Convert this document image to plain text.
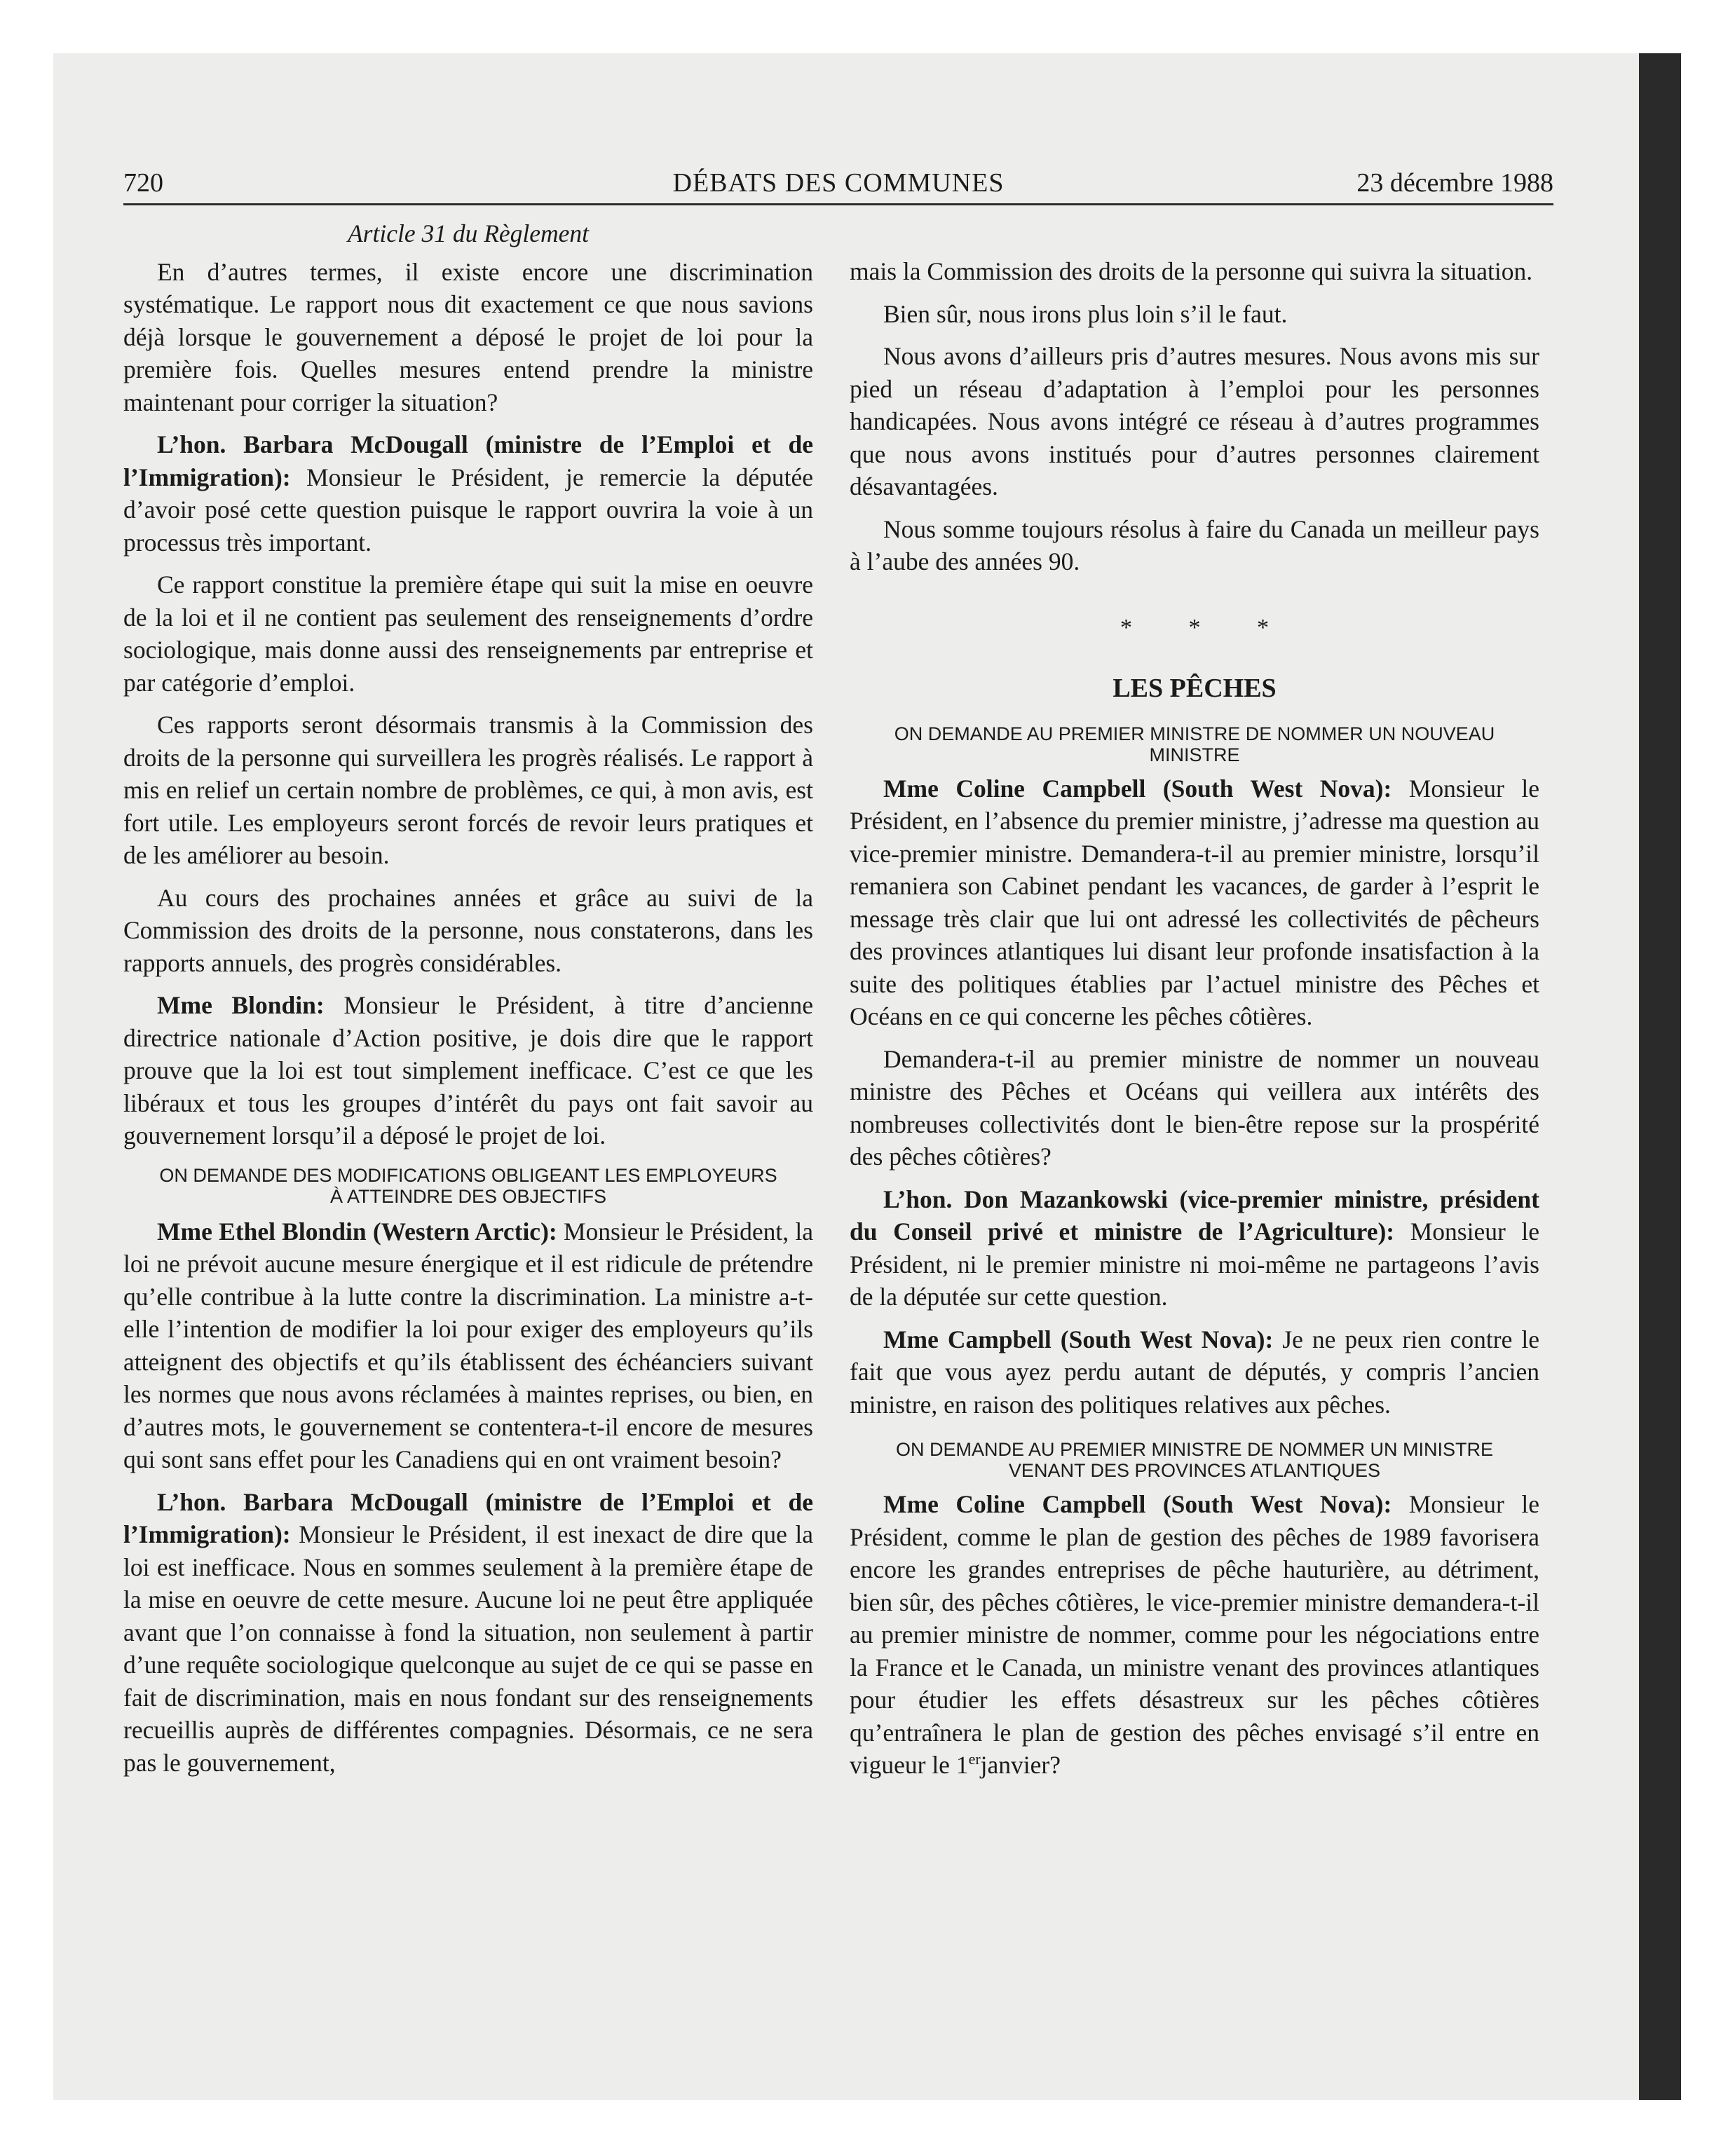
720	DÉBATS DES COMMUNES	23 décembre 1988
Article 31 du Règlement

En d’autres termes, il existe encore une discrimination systématique. Le rapport nous dit exactement ce que nous savions déjà lorsque le gouvernement a déposé le projet de loi pour la première fois. Quelles mesures entend prendre la ministre maintenant pour corriger la situation?

L’hon. Barbara McDougall (ministre de l’Emploi et de l’Immigration): Monsieur le Président, je remercie la députée d’avoir posé cette question puisque le rapport ouvrira la voie à un processus très important.

Ce rapport constitue la première étape qui suit la mise en oeuvre de la loi et il ne contient pas seulement des renseignements d’ordre sociologique, mais donne aussi des renseignements par entreprise et par catégorie d’emploi.

Ces rapports seront désormais transmis à la Commission des droits de la personne qui surveillera les progrès réalisés. Le rapport à mis en relief un certain nombre de problèmes, ce qui, à mon avis, est fort utile. Les employeurs seront forcés de revoir leurs pratiques et de les améliorer au besoin.

Au cours des prochaines années et grâce au suivi de la Commission des droits de la personne, nous constaterons, dans les rapports annuels, des progrès considérables.

Mme Blondin: Monsieur le Président, à titre d’ancienne directrice nationale d’Action positive, je dois dire que le rapport prouve que la loi est tout simplement inefficace. C’est ce que les libéraux et tous les groupes d’intérêt du pays ont fait savoir au gouvernement lorsqu’il a déposé le projet de loi.

ON DEMANDE DES MODIFICATIONS OBLIGEANT LES EMPLOYEURS À ATTEINDRE DES OBJECTIFS

Mme Ethel Blondin (Western Arctic): Monsieur le Président, la loi ne prévoit aucune mesure énergique et il est ridicule de prétendre qu’elle contribue à la lutte contre la discrimination. La ministre a-t-elle l’intention de modifier la loi pour exiger des employeurs qu’ils atteignent des objectifs et qu’ils établissent des échéanciers suivant les normes que nous avons réclamées à maintes reprises, ou bien, en d’autres mots, le gouvernement se contentera-t-il encore de mesures qui sont sans effet pour les Canadiens qui en ont vraiment besoin?

L’hon. Barbara McDougall (ministre de l’Emploi et de l’Immigration): Monsieur le Président, il est inexact de dire que la loi est inefficace. Nous en sommes seulement à la première étape de la mise en oeuvre de cette mesure. Aucune loi ne peut être appliquée avant que l’on connaisse à fond la situation, non seulement à partir d’une requête sociologique quelconque au sujet de ce qui se passe en fait de discrimination, mais en nous fondant sur des renseignements recueillis auprès de différentes compagnies. Désormais, ce ne sera pas le gouvernement,

mais la Commission des droits de la personne qui suivra la situation.

Bien sûr, nous irons plus loin s’il le faut.

Nous avons d’ailleurs pris d’autres mesures. Nous avons mis sur pied un réseau d’adaptation à l’emploi pour les personnes handicapées. Nous avons intégré ce réseau à d’autres programmes que nous avons institués pour d’autres personnes clairement désavantagées.

Nous somme toujours résolus à faire du Canada un meilleur pays à l’aube des années 90.

* * *
LES PÊCHES
ON DEMANDE AU PREMIER MINISTRE DE NOMMER UN NOUVEAU MINISTRE

Mme Coline Campbell (South West Nova): Monsieur le Président, en l’absence du premier ministre, j’adresse ma question au vice-premier ministre. Demandera-t-il au premier ministre, lorsqu’il remaniera son Cabinet pendant les vacances, de garder à l’esprit le message très clair que lui ont adressé les collectivités de pêcheurs des provinces atlantiques lui disant leur profonde insatisfaction à la suite des politiques établies par l’actuel ministre des Pêches et Océans en ce qui concerne les pêches côtières.

Demandera-t-il au premier ministre de nommer un nouveau ministre des Pêches et Océans qui veillera aux intérêts des nombreuses collectivités dont le bien-être repose sur la prospérité des pêches côtières?

L’hon. Don Mazankowski (vice-premier ministre, président du Conseil privé et ministre de l’Agriculture): Monsieur le Président, ni le premier ministre ni moi-même ne partageons l’avis de la députée sur cette question.

Mme Campbell (South West Nova): Je ne peux rien contre le fait que vous ayez perdu autant de députés, y compris l’ancien ministre, en raison des politiques relatives aux pêches.

ON DEMANDE AU PREMIER MINISTRE DE NOMMER UN MINISTRE VENANT DES PROVINCES ATLANTIQUES

Mme Coline Campbell (South West Nova): Monsieur le Président, comme le plan de gestion des pêches de 1989 favorisera encore les grandes entreprises de pêche hauturière, au détriment, bien sûr, des pêches côtières, le vice-premier ministre demandera-t-il au premier ministre de nommer, comme pour les négociations entre la France et le Canada, un ministre venant des provinces atlantiques pour étudier les effets désastreux sur les pêches côtières qu’entraînera le plan de gestion des pêches envisagé s’il entre en vigueur le 1erjanvier?
